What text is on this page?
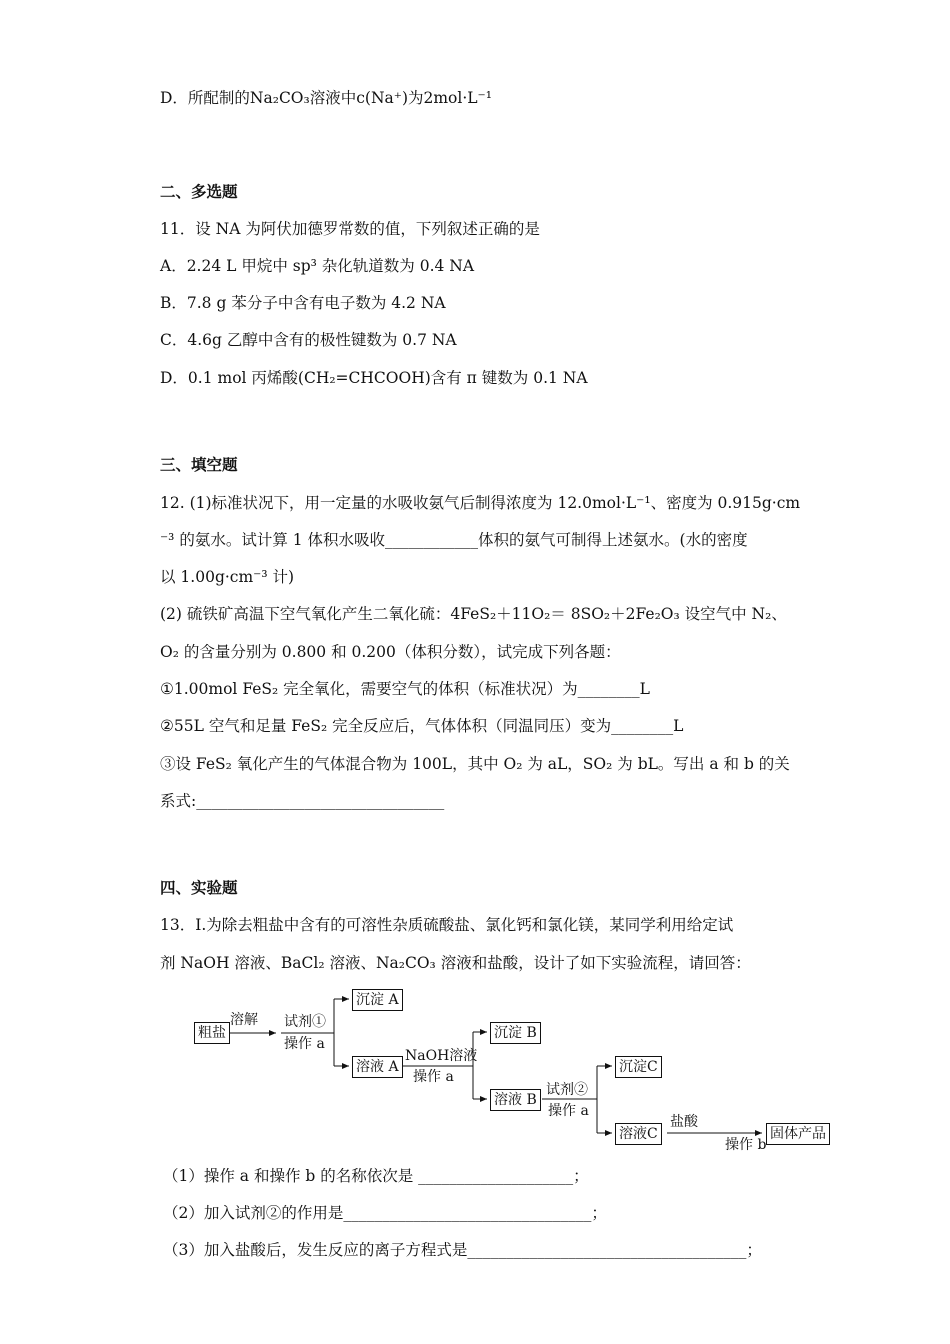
D．所配制的Na₂CO₃溶液中c(Na⁺)为2mol·L⁻¹
二、多选题
11．设 NA 为阿伏加德罗常数的值，下列叙述正确的是
A．2.24 L 甲烷中 sp³ 杂化轨道数为 0.4 NA
B．7.8 g 苯分子中含有电子数为 4.2 NA
C．4.6g 乙醇中含有的极性键数为 0.7 NA
D．0.1 mol 丙烯酸(CH₂=CHCOOH)含有 π 键数为 0.1 NA
三、填空题
12. (1)标准状况下，用一定量的水吸收氨气后制得浓度为 12.0mol·L⁻¹、密度为 0.915g·cm
⁻³ 的氨水。试计算 1 体积水吸收____________体积的氨气可制得上述氨水。(水的密度
以 1.00g·cm⁻³ 计)
(2) 硫铁矿高温下空气氧化产生二氧化硫：4FeS₂＋11O₂＝ 8SO₂＋2Fe₂O₃ 设空气中 N₂、
O₂ 的含量分别为 0.800 和 0.200（体积分数），试完成下列各题：
①1.00mol FeS₂ 完全氧化，需要空气的体积（标准状况）为________L
②55L 空气和足量 FeS₂ 完全反应后，气体体积（同温同压）变为________L
③设 FeS₂ 氧化产生的气体混合物为 100L，其中 O₂ 为 aL，SO₂ 为 bL。写出 a 和 b 的关
系式:________________________________
四、实验题
13．Ⅰ.为除去粗盐中含有的可溶性杂质硫酸盐、氯化钙和氯化镁，某同学利用给定试
剂 NaOH 溶液、BaCl₂ 溶液、Na₂CO₃ 溶液和盐酸，设计了如下实验流程，请回答：
粗盐
溶解 试剂①
操作 a
沉淀 A
溶液 A
NaOH溶液
操作 a
沉淀 B
溶液 B
试剂②
操作 a
沉淀C
溶液C
盐酸
操作 b
固体产品
（1）操作 a 和操作 b 的名称依次是 ____________________；
（2）加入试剂②的作用是________________________________；
（3）加入盐酸后，发生反应的离子方程式是____________________________________；
